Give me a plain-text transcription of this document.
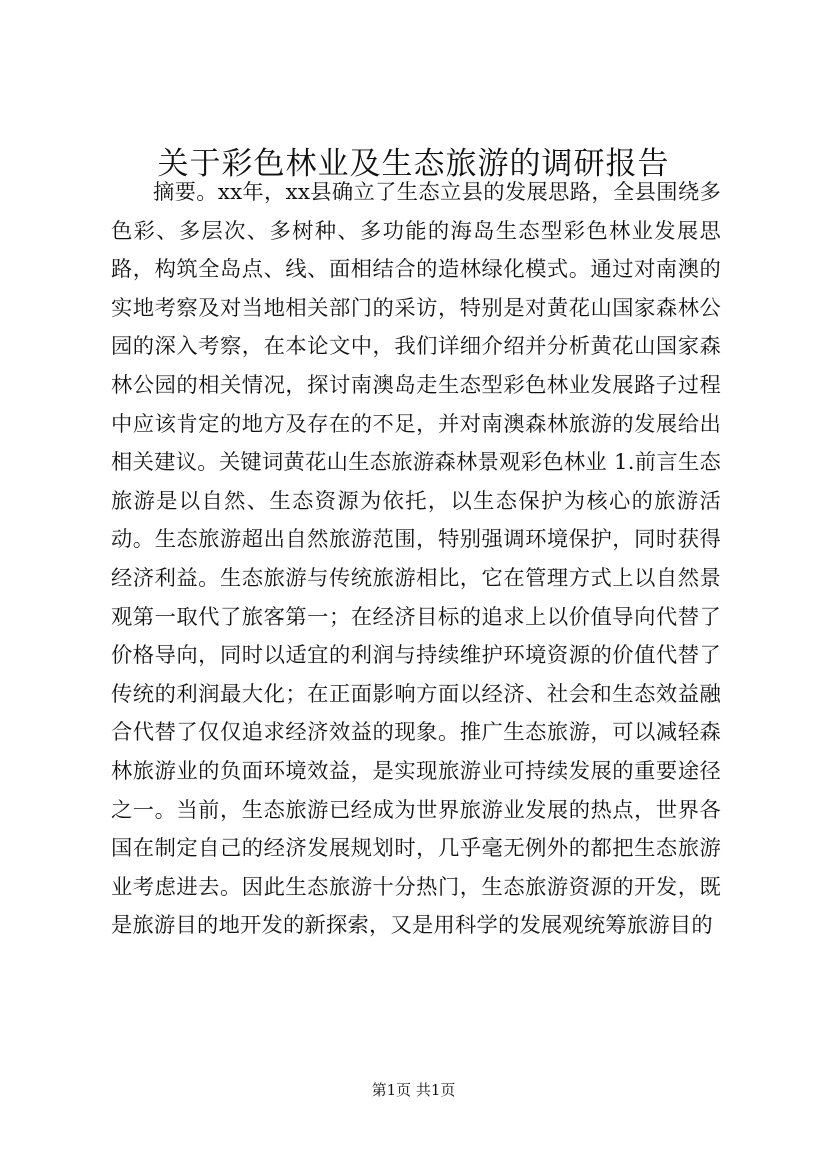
关于彩色林业及生态旅游的调研报告

摘要。xx年，xx县确立了生态立县的发展思路，全县围绕多色彩、多层次、多树种、多功能的海岛生态型彩色林业发展思路，构筑全岛点、线、面相结合的造林绿化模式。通过对南澳的实地考察及对当地相关部门的采访，特别是对黄花山国家森林公园的深入考察，在本论文中，我们详细介绍并分析黄花山国家森林公园的相关情况，探讨南澳岛走生态型彩色林业发展路子过程中应该肯定的地方及存在的不足，并对南澳森林旅游的发展给出相关建议。关键词黄花山生态旅游森林景观彩色林业 1.前言生态旅游是以自然、生态资源为依托，以生态保护为核心的旅游活动。生态旅游超出自然旅游范围，特别强调环境保护，同时获得经济利益。生态旅游与传统旅游相比，它在管理方式上以自然景观第一取代了旅客第一；在经济目标的追求上以价值导向代替了价格导向，同时以适宜的利润与持续维护环境资源的价值代替了传统的利润最大化；在正面影响方面以经济、社会和生态效益融合代替了仅仅追求经济效益的现象。推广生态旅游，可以减轻森林旅游业的负面环境效益，是实现旅游业可持续发展的重要途径之一。当前，生态旅游已经成为世界旅游业发展的热点，世界各国在制定自己的经济发展规划时，几乎毫无例外的都把生态旅游业考虑进去。因此生态旅游十分热门，生态旅游资源的开发，既是旅游目的地开发的新探索，又是用科学的发展观统筹旅游目的

第1页 共1页
